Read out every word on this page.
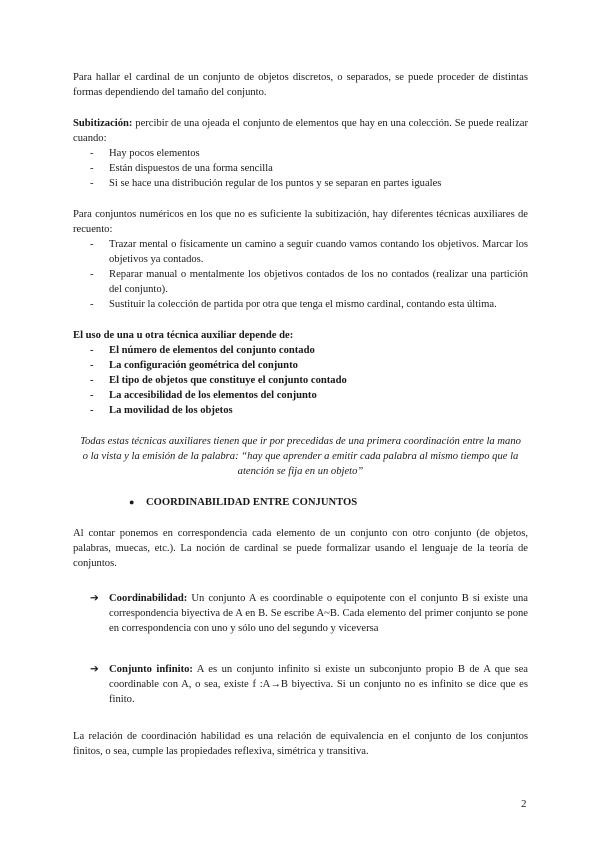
Para hallar el cardinal de un conjunto de objetos discretos, o separados, se puede proceder de distintas formas dependiendo del tamaño del conjunto.

Subitización: percibir de una ojeada el conjunto de elementos que hay en una colección. Se puede realizar cuando:

- Hay pocos elementos
- Están dispuestos de una forma sencilla
- Si se hace una distribución regular de los puntos y se separan en partes iguales

Para conjuntos numéricos en los que no es suficiente la subitización, hay diferentes técnicas auxiliares de recuento:

- Trazar mental o físicamente un camino a seguir cuando vamos contando los objetivos. Marcar los objetivos ya contados.
- Reparar manual o mentalmente los objetivos contados de los no contados (realizar una partición del conjunto).
- Sustituir la colección de partida por otra que tenga el mismo cardinal, contando esta última.

El uso de una u otra técnica auxiliar depende de:

- El número de elementos del conjunto contado
- La configuración geométrica del conjunto
- El tipo de objetos que constituye el conjunto contado
- La accesibilidad de los elementos del conjunto
- La movilidad de los objetos

Todas estas técnicas auxiliares tienen que ir por precedidas de una primera coordinación entre la mano o la vista y la emisión de la palabra: “hay que aprender a emitir cada palabra al mismo tiempo que la atención se fija en un objeto”

● COORDINABILIDAD ENTRE CONJUNTOS

Al contar ponemos en correspondencia cada elemento de un conjunto con otro conjunto (de objetos, palabras, muecas, etc.). La noción de cardinal se puede formalizar usando el lenguaje de la teoría de conjuntos.

➔ Coordinabilidad: Un conjunto A es coordinable o equipotente con el conjunto B si existe una correspondencia biyectiva de A en B. Se escribe A~B. Cada elemento del primer conjunto se pone en correspondencia con uno y sólo uno del segundo y viceversa

➔ Conjunto infinito: A es un conjunto infinito si existe un subconjunto propio B de A que sea coordinable con A, o sea, existe f :A→B biyectiva. Si un conjunto no es infinito se dice que es finito.

La relación de coordinación habilidad es una relación de equivalencia en el conjunto de los conjuntos finitos, o sea, cumple las propiedades reflexiva, simétrica y transitiva.

2
